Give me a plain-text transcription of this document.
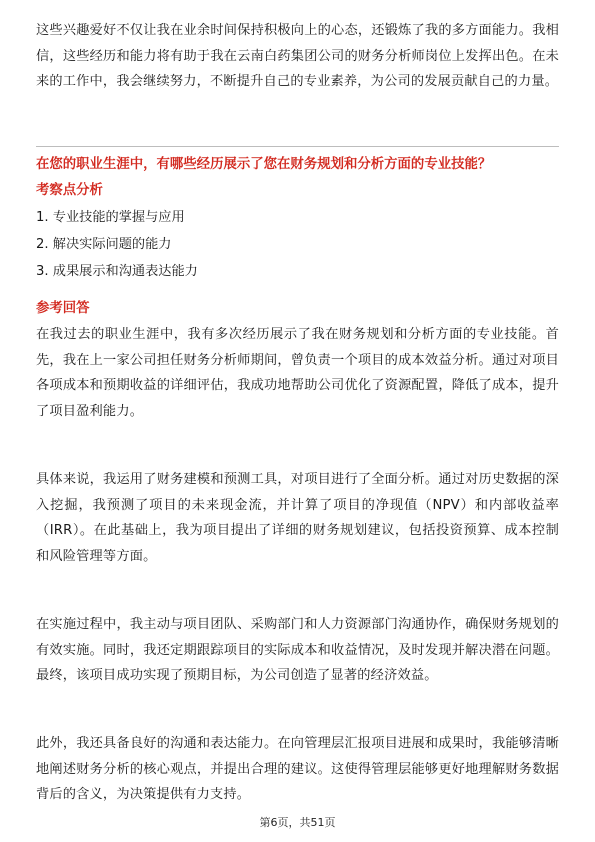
这些兴趣爱好不仅让我在业余时间保持积极向上的心态，还锻炼了我的多方面能力。我相信，这些经历和能力将有助于我在云南白药集团公司的财务分析师岗位上发挥出色。在未来的工作中，我会继续努力，不断提升自己的专业素养，为公司的发展贡献自己的力量。

在您的职业生涯中，有哪些经历展示了您在财务规划和分析方面的专业技能？

考察点分析

1. 专业技能的掌握与应用

2. 解决实际问题的能力

3. 成果展示和沟通表达能力

参考回答

在我过去的职业生涯中，我有多次经历展示了我在财务规划和分析方面的专业技能。首先，我在上一家公司担任财务分析师期间，曾负责一个项目的成本效益分析。通过对项目各项成本和预期收益的详细评估，我成功地帮助公司优化了资源配置，降低了成本，提升了项目盈利能力。

具体来说，我运用了财务建模和预测工具，对项目进行了全面分析。通过对历史数据的深入挖掘，我预测了项目的未来现金流，并计算了项目的净现值（NPV）和内部收益率（IRR）。在此基础上，我为项目提出了详细的财务规划建议，包括投资预算、成本控制和风险管理等方面。

在实施过程中，我主动与项目团队、采购部门和人力资源部门沟通协作，确保财务规划的有效实施。同时，我还定期跟踪项目的实际成本和收益情况，及时发现并解决潜在问题。最终，该项目成功实现了预期目标，为公司创造了显著的经济效益。

此外，我还具备良好的沟通和表达能力。在向管理层汇报项目进展和成果时，我能够清晰地阐述财务分析的核心观点，并提出合理的建议。这使得管理层能够更好地理解财务数据背后的含义，为决策提供有力支持。

第6页，共51页
